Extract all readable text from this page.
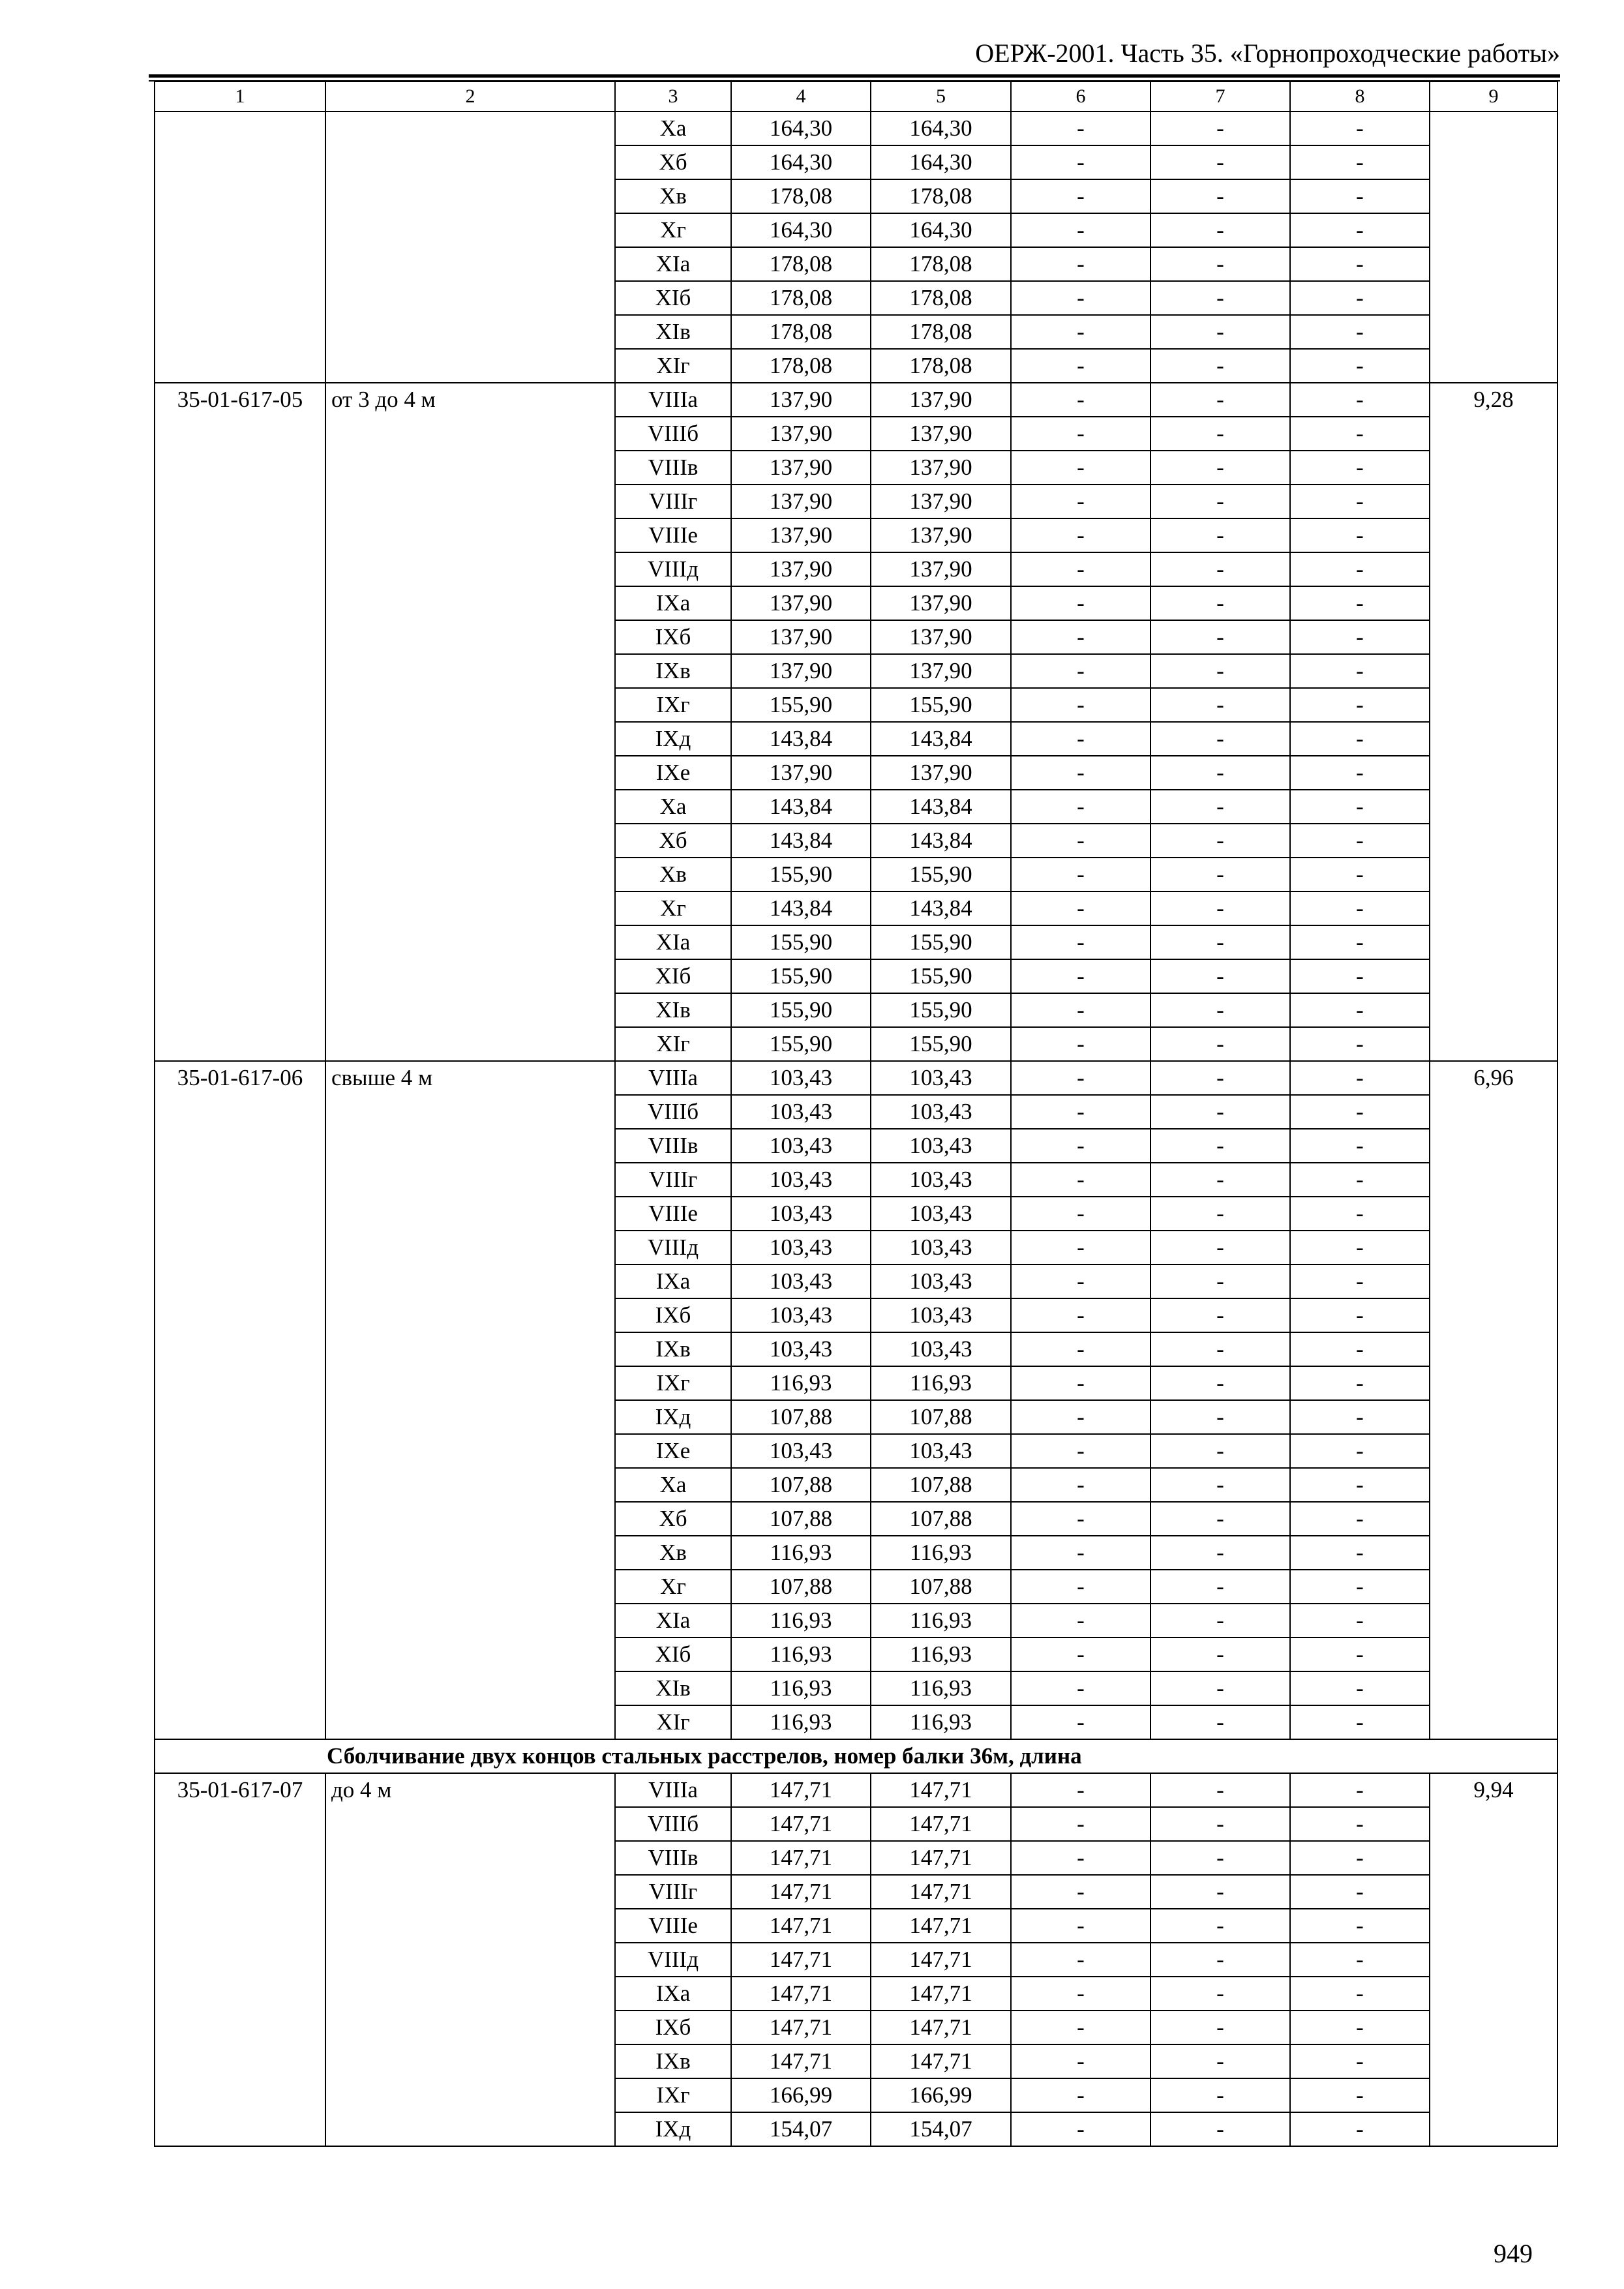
ОЕРЖ-2001. Часть 35. «Горнопроходческие работы»
1	2	3	4	5	6	7	8	9
		Ха	164,30	164,30	-	-	-	
		Хб	164,30	164,30	-	-	-	
		Хв	178,08	178,08	-	-	-	
		Хг	164,30	164,30	-	-	-	
		ХIа	178,08	178,08	-	-	-	
		ХIб	178,08	178,08	-	-	-	
		ХIв	178,08	178,08	-	-	-	
		ХIг	178,08	178,08	-	-	-	
35-01-617-05	от 3 до 4 м	VIIIа	137,90	137,90	-	-	-	9,28
		VIIIб	137,90	137,90	-	-	-	
		VIIIв	137,90	137,90	-	-	-	
		VIIIг	137,90	137,90	-	-	-	
		VIIIе	137,90	137,90	-	-	-	
		VIIIд	137,90	137,90	-	-	-	
		IХа	137,90	137,90	-	-	-	
		IХб	137,90	137,90	-	-	-	
		IХв	137,90	137,90	-	-	-	
		IХг	155,90	155,90	-	-	-	
		IХд	143,84	143,84	-	-	-	
		IХе	137,90	137,90	-	-	-	
		Ха	143,84	143,84	-	-	-	
		Хб	143,84	143,84	-	-	-	
		Хв	155,90	155,90	-	-	-	
		Хг	143,84	143,84	-	-	-	
		ХIа	155,90	155,90	-	-	-	
		ХIб	155,90	155,90	-	-	-	
		ХIв	155,90	155,90	-	-	-	
		ХIг	155,90	155,90	-	-	-	
35-01-617-06	свыше 4 м	VIIIа	103,43	103,43	-	-	-	6,96
		VIIIб	103,43	103,43	-	-	-	
		VIIIв	103,43	103,43	-	-	-	
		VIIIг	103,43	103,43	-	-	-	
		VIIIе	103,43	103,43	-	-	-	
		VIIIд	103,43	103,43	-	-	-	
		IХа	103,43	103,43	-	-	-	
		IХб	103,43	103,43	-	-	-	
		IХв	103,43	103,43	-	-	-	
		IХг	116,93	116,93	-	-	-	
		IХд	107,88	107,88	-	-	-	
		IХе	103,43	103,43	-	-	-	
		Ха	107,88	107,88	-	-	-	
		Хб	107,88	107,88	-	-	-	
		Хв	116,93	116,93	-	-	-	
		Хг	107,88	107,88	-	-	-	
		ХIа	116,93	116,93	-	-	-	
		ХIб	116,93	116,93	-	-	-	
		ХIв	116,93	116,93	-	-	-	
		ХIг	116,93	116,93	-	-	-	
Сболчивание двух концов стальных расстрелов, номер балки 36м, длина								
35-01-617-07	до 4 м	VIIIа	147,71	147,71	-	-	-	9,94
		VIIIб	147,71	147,71	-	-	-	
		VIIIв	147,71	147,71	-	-	-	
		VIIIг	147,71	147,71	-	-	-	
		VIIIе	147,71	147,71	-	-	-	
		VIIIд	147,71	147,71	-	-	-	
		IХа	147,71	147,71	-	-	-	
		IХб	147,71	147,71	-	-	-	
		IХв	147,71	147,71	-	-	-	
		IХг	166,99	166,99	-	-	-	
		IХд	154,07	154,07	-	-	-	
949
